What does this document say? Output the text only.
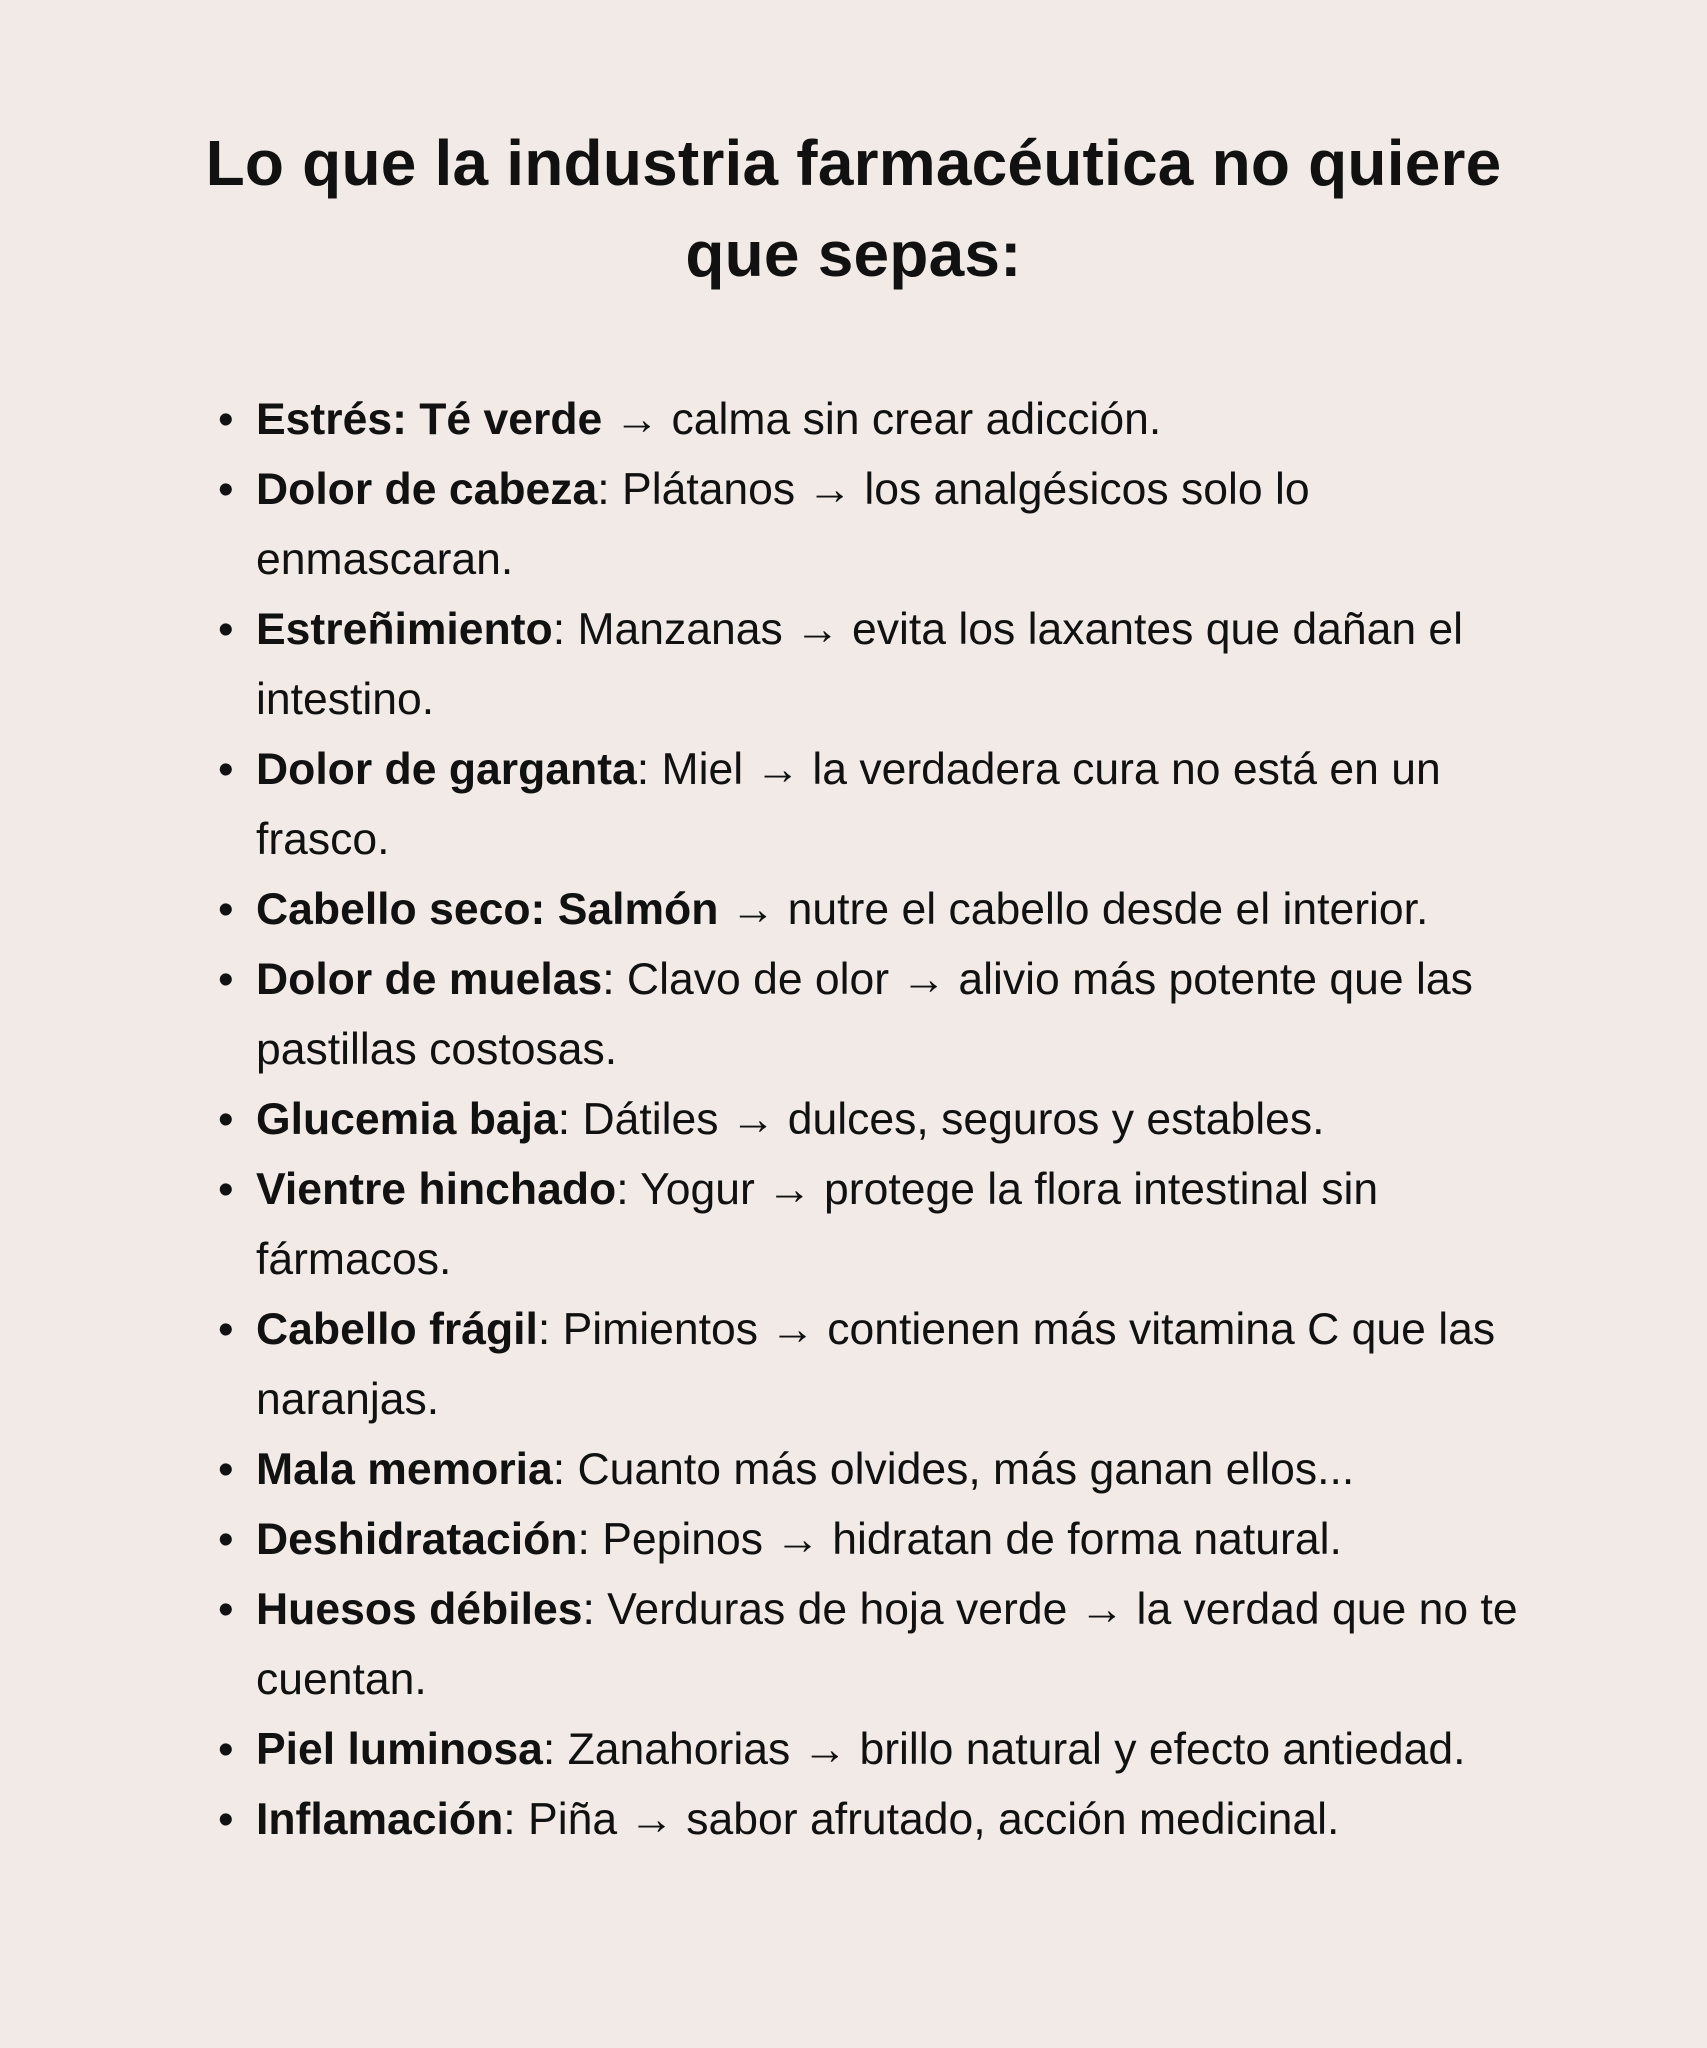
Lo que la industria farmacéutica no quiere que sepas:
• Estrés: Té verde → calma sin crear adicción.
• Dolor de cabeza: Plátanos → los analgésicos solo lo enmascaran.
• Estreñimiento: Manzanas → evita los laxantes que dañan el intestino.
• Dolor de garganta: Miel → la verdadera cura no está en un frasco.
• Cabello seco: Salmón → nutre el cabello desde el interior.
• Dolor de muelas: Clavo de olor → alivio más potente que las pastillas costosas.
• Glucemia baja: Dátiles → dulces, seguros y estables.
• Vientre hinchado: Yogur → protege la flora intestinal sin fármacos.
• Cabello frágil: Pimientos → contienen más vitamina C que las naranjas.
• Mala memoria: Cuanto más olvides, más ganan ellos...
• Deshidratación: Pepinos → hidratan de forma natural.
• Huesos débiles: Verduras de hoja verde → la verdad que no te cuentan.
• Piel luminosa: Zanahorias → brillo natural y efecto antiedad.
• Inflamación: Piña → sabor afrutado, acción medicinal.
